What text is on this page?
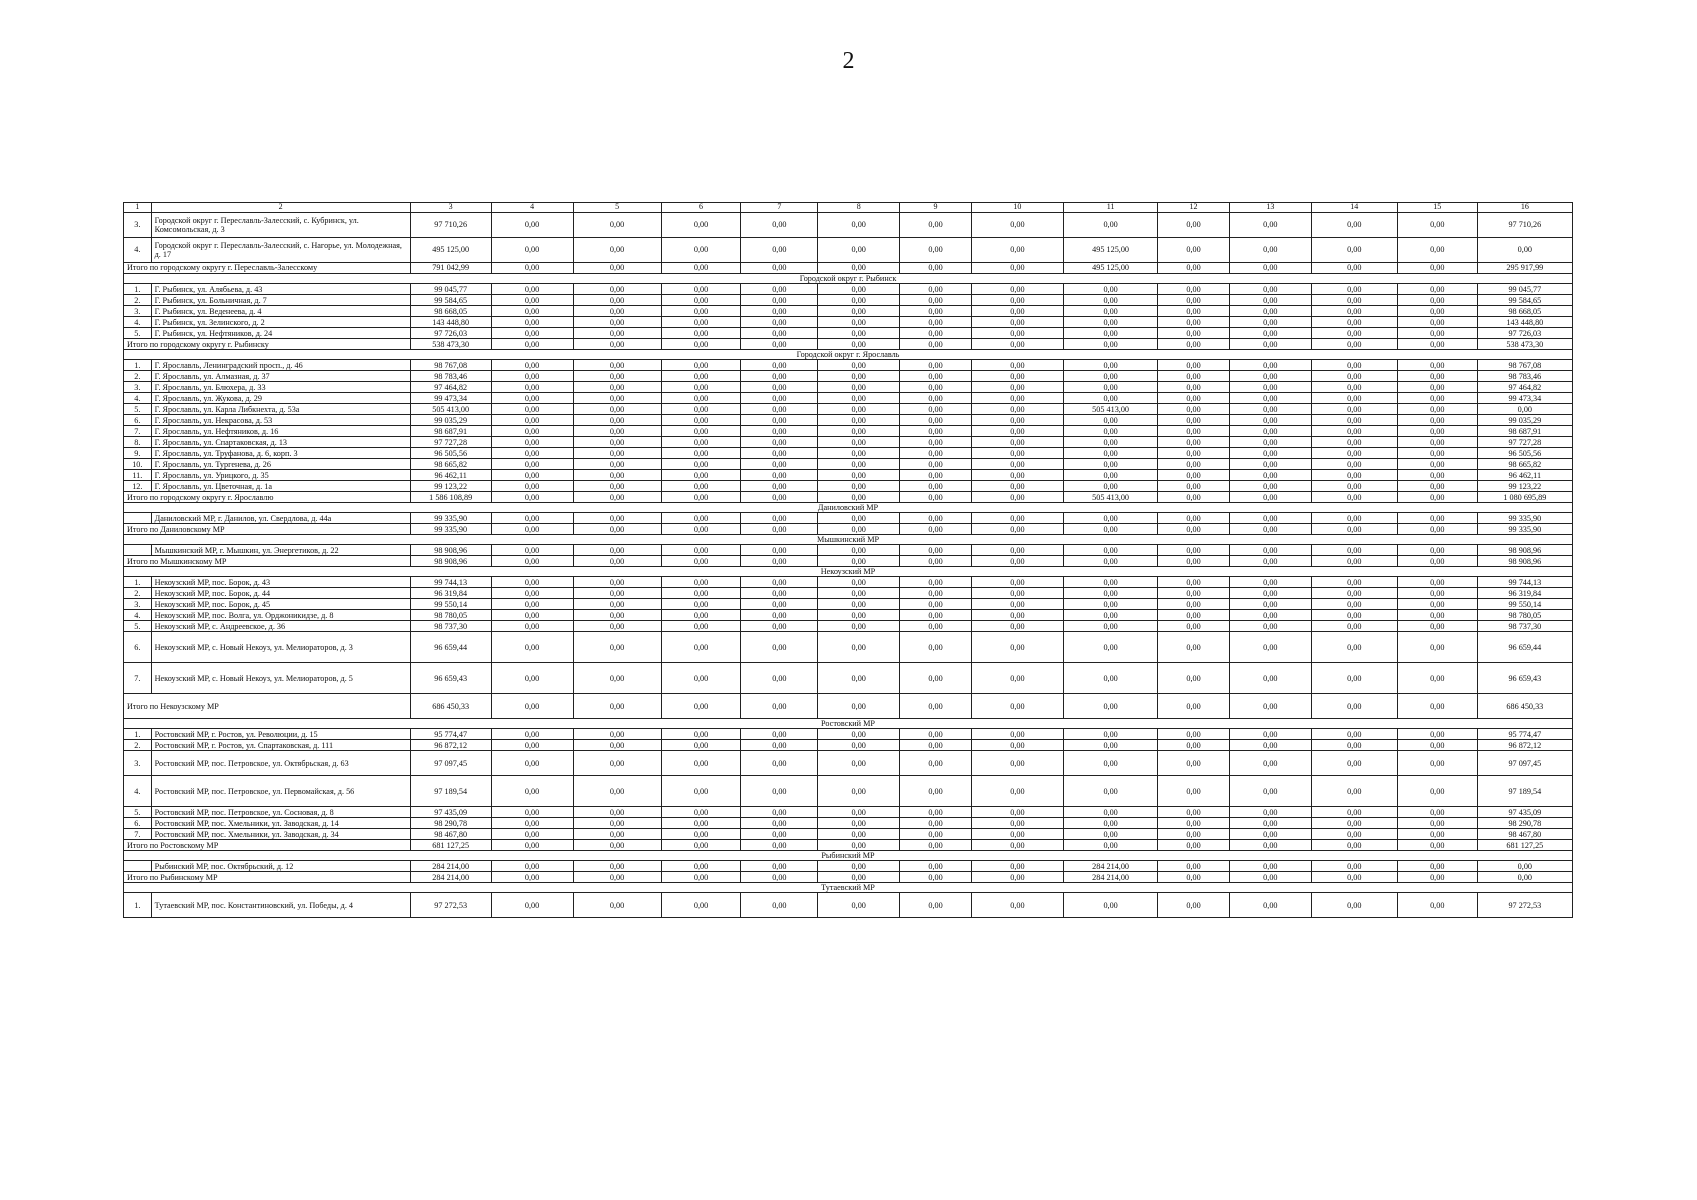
2
1	2	3	4	5	6	7	8	9	10	11	12	13	14	15	16
3.	Городской округ г. Переславль-Залесский, с. Кубринск, ул. Комсомольская, д. 3	97 710,26	0,00	0,00	0,00	0,00	0,00	0,00	0,00	0,00	0,00	0,00	0,00	0,00	97 710,26
4.	Городской округ г. Переславль-Залесский, с. Нагорье, ул. Молодежная, д. 17	495 125,00	0,00	0,00	0,00	0,00	0,00	0,00	0,00	495 125,00	0,00	0,00	0,00	0,00	0,00
Итого по городскому округу г. Переславль-Залесскому		791 042,99	0,00	0,00	0,00	0,00	0,00	0,00	0,00	495 125,00	0,00	0,00	0,00	0,00	295 917,99
Городской округ г. Рыбинск															
1.	Г. Рыбинск, ул. Алябьева, д. 43	99 045,77	0,00	0,00	0,00	0,00	0,00	0,00	0,00	0,00	0,00	0,00	0,00	0,00	99 045,77
2.	Г. Рыбинск, ул. Больничная, д. 7	99 584,65	0,00	0,00	0,00	0,00	0,00	0,00	0,00	0,00	0,00	0,00	0,00	0,00	99 584,65
3.	Г. Рыбинск, ул. Веденеева, д. 4	98 668,05	0,00	0,00	0,00	0,00	0,00	0,00	0,00	0,00	0,00	0,00	0,00	0,00	98 668,05
4.	Г. Рыбинск, ул. Зелинского, д. 2	143 448,80	0,00	0,00	0,00	0,00	0,00	0,00	0,00	0,00	0,00	0,00	0,00	0,00	143 448,80
5.	Г. Рыбинск, ул. Нефтяников, д. 24	97 726,03	0,00	0,00	0,00	0,00	0,00	0,00	0,00	0,00	0,00	0,00	0,00	0,00	97 726,03
Итого по городскому округу г. Рыбинску		538 473,30	0,00	0,00	0,00	0,00	0,00	0,00	0,00	0,00	0,00	0,00	0,00	0,00	538 473,30
Городской округ г. Ярославль															
1.	Г. Ярославль, Ленинградский просп., д. 46	98 767,08	0,00	0,00	0,00	0,00	0,00	0,00	0,00	0,00	0,00	0,00	0,00	0,00	98 767,08
2.	Г. Ярославль, ул. Алмазная, д. 37	98 783,46	0,00	0,00	0,00	0,00	0,00	0,00	0,00	0,00	0,00	0,00	0,00	0,00	98 783,46
3.	Г. Ярославль, ул. Блюхера, д. 33	97 464,82	0,00	0,00	0,00	0,00	0,00	0,00	0,00	0,00	0,00	0,00	0,00	0,00	97 464,82
4.	Г. Ярославль, ул. Жукова, д. 29	99 473,34	0,00	0,00	0,00	0,00	0,00	0,00	0,00	0,00	0,00	0,00	0,00	0,00	99 473,34
5.	Г. Ярославль, ул. Карла Либкнехта, д. 53а	505 413,00	0,00	0,00	0,00	0,00	0,00	0,00	0,00	505 413,00	0,00	0,00	0,00	0,00	0,00
6.	Г. Ярославль, ул. Некрасова, д. 53	99 035,29	0,00	0,00	0,00	0,00	0,00	0,00	0,00	0,00	0,00	0,00	0,00	0,00	99 035,29
7.	Г. Ярославль, ул. Нефтяников, д. 16	98 687,91	0,00	0,00	0,00	0,00	0,00	0,00	0,00	0,00	0,00	0,00	0,00	0,00	98 687,91
8.	Г. Ярославль, ул. Спартаковская, д. 13	97 727,28	0,00	0,00	0,00	0,00	0,00	0,00	0,00	0,00	0,00	0,00	0,00	0,00	97 727,28
9.	Г. Ярославль, ул. Труфанова, д. 6, корп. 3	96 505,56	0,00	0,00	0,00	0,00	0,00	0,00	0,00	0,00	0,00	0,00	0,00	0,00	96 505,56
10.	Г. Ярославль, ул. Тургенева, д. 26	98 665,82	0,00	0,00	0,00	0,00	0,00	0,00	0,00	0,00	0,00	0,00	0,00	0,00	98 665,82
11.	Г. Ярославль, ул. Урицкого, д. 35	96 462,11	0,00	0,00	0,00	0,00	0,00	0,00	0,00	0,00	0,00	0,00	0,00	0,00	96 462,11
12.	Г. Ярославль, ул. Цветочная, д. 1а	99 123,22	0,00	0,00	0,00	0,00	0,00	0,00	0,00	0,00	0,00	0,00	0,00	0,00	99 123,22
Итого по городскому округу г. Ярославлю		1 586 108,89	0,00	0,00	0,00	0,00	0,00	0,00	0,00	505 413,00	0,00	0,00	0,00	0,00	1 080 695,89
Даниловский МР															
	Даниловский МР, г. Данилов, ул. Свердлова, д. 44а	99 335,90	0,00	0,00	0,00	0,00	0,00	0,00	0,00	0,00	0,00	0,00	0,00	0,00	99 335,90
Итого по Даниловскому МР		99 335,90	0,00	0,00	0,00	0,00	0,00	0,00	0,00	0,00	0,00	0,00	0,00	0,00	99 335,90
Мышкинский МР															
	Мышкинский МР, г. Мышкин, ул. Энергетиков, д. 22	98 908,96	0,00	0,00	0,00	0,00	0,00	0,00	0,00	0,00	0,00	0,00	0,00	0,00	98 908,96
Итого по Мышкинскому МР		98 908,96	0,00	0,00	0,00	0,00	0,00	0,00	0,00	0,00	0,00	0,00	0,00	0,00	98 908,96
Некоузский МР															
1.	Некоузский МР, пос. Борок, д. 43	99 744,13	0,00	0,00	0,00	0,00	0,00	0,00	0,00	0,00	0,00	0,00	0,00	0,00	99 744,13
2.	Некоузский МР, пос. Борок, д. 44	96 319,84	0,00	0,00	0,00	0,00	0,00	0,00	0,00	0,00	0,00	0,00	0,00	0,00	96 319,84
3.	Некоузский МР, пос. Борок, д. 45	99 550,14	0,00	0,00	0,00	0,00	0,00	0,00	0,00	0,00	0,00	0,00	0,00	0,00	99 550,14
4.	Некоузский МР, пос. Волга, ул. Орджоникидзе, д. 8	98 780,05	0,00	0,00	0,00	0,00	0,00	0,00	0,00	0,00	0,00	0,00	0,00	0,00	98 780,05
5.	Некоузский МР, с. Андреевское, д. 36	98 737,30	0,00	0,00	0,00	0,00	0,00	0,00	0,00	0,00	0,00	0,00	0,00	0,00	98 737,30
6.	Некоузский МР, с. Новый Некоуз, ул. Мелиораторов, д. 3	96 659,44	0,00	0,00	0,00	0,00	0,00	0,00	0,00	0,00	0,00	0,00	0,00	0,00	96 659,44
7.	Некоузский МР, с. Новый Некоуз, ул. Мелиораторов, д. 5	96 659,43	0,00	0,00	0,00	0,00	0,00	0,00	0,00	0,00	0,00	0,00	0,00	0,00	96 659,43
Итого по Некоузскому МР		686 450,33	0,00	0,00	0,00	0,00	0,00	0,00	0,00	0,00	0,00	0,00	0,00	0,00	686 450,33
Ростовский МР															
1.	Ростовский МР, г. Ростов, ул. Революции, д. 15	95 774,47	0,00	0,00	0,00	0,00	0,00	0,00	0,00	0,00	0,00	0,00	0,00	0,00	95 774,47
2.	Ростовский МР, г. Ростов, ул. Спартаковская, д. 111	96 872,12	0,00	0,00	0,00	0,00	0,00	0,00	0,00	0,00	0,00	0,00	0,00	0,00	96 872,12
3.	Ростовский МР, пос. Петровское, ул. Октябрьская, д. 63	97 097,45	0,00	0,00	0,00	0,00	0,00	0,00	0,00	0,00	0,00	0,00	0,00	0,00	97 097,45
4.	Ростовский МР, пос. Петровское, ул. Первомайская, д. 56	97 189,54	0,00	0,00	0,00	0,00	0,00	0,00	0,00	0,00	0,00	0,00	0,00	0,00	97 189,54
5.	Ростовский МР, пос. Петровское, ул. Сосновая, д. 8	97 435,09	0,00	0,00	0,00	0,00	0,00	0,00	0,00	0,00	0,00	0,00	0,00	0,00	97 435,09
6.	Ростовский МР, пос. Хмельники, ул. Заводская, д. 14	98 290,78	0,00	0,00	0,00	0,00	0,00	0,00	0,00	0,00	0,00	0,00	0,00	0,00	98 290,78
7.	Ростовский МР, пос. Хмельники, ул. Заводская, д. 34	98 467,80	0,00	0,00	0,00	0,00	0,00	0,00	0,00	0,00	0,00	0,00	0,00	0,00	98 467,80
Итого по Ростовскому МР		681 127,25	0,00	0,00	0,00	0,00	0,00	0,00	0,00	0,00	0,00	0,00	0,00	0,00	681 127,25
Рыбинский МР															
	Рыбинский МР, пос. Октябрьский, д. 12	284 214,00	0,00	0,00	0,00	0,00	0,00	0,00	0,00	284 214,00	0,00	0,00	0,00	0,00	0,00
Итого по Рыбинскому МР		284 214,00	0,00	0,00	0,00	0,00	0,00	0,00	0,00	284 214,00	0,00	0,00	0,00	0,00	0,00
Тутаевский МР															
1.	Тутаевский МР, пос. Константиновский, ул. Победы, д. 4	97 272,53	0,00	0,00	0,00	0,00	0,00	0,00	0,00	0,00	0,00	0,00	0,00	0,00	97 272,53
